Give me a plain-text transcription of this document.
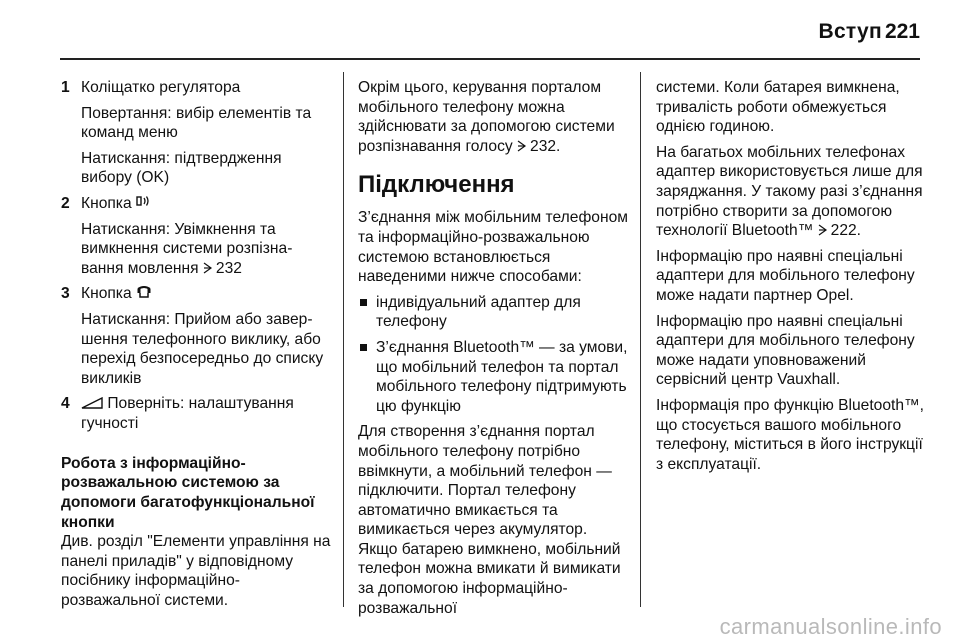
Вступ 221
1 Коліщатко регулятора

Повертання: вибір елементів та команд меню

Натискання: підтвердження вибору (OK)

2 Кнопка

Натискання: Увімкнення та вимкнення системи розпізна-вання мовлення 232

3 Кнопка

Натискання: Прийом або завер-шення телефонного виклику, або перехід безпосередньо до списку викликів

4	Поверніть: налаштування гучності

Робота з інформаційно-розважальною системою за допомоги багатофункціональної кнопки

Див. розділ "Елементи управління на панелі приладів" у відповідному посібнику інформаційно-розважальної системи.

Окрім цього, керування порталом мобільного телефону можна здійснювати за допомогою системи розпізнавання голосу 232.

Підключення

З’єднання між мобільним телефоном та інформаційно-розважальною системою встановлюється наведеними нижче способами:

індивідуальний адаптер для телефону
З’єднання Bluetooth™ — за умови, що мобільний телефон та портал мобільного телефону підтримують цю функцію

Для створення з’єднання портал мобільного телефону потрібно ввімкнути, а мобільний телефон — підключити. Портал телефону автоматично вмикається та вимикається через акумулятор. Якщо батарею вимкнено, мобільний телефон можна вмикати й вимикати за допомогою інформаційно-розважальної

системи. Коли батарея вимкнена, тривалість роботи обмежується однією годиною.

На багатьох мобільних телефонах адаптер використовується лише для заряджання. У такому разі з’єднання потрібно створити за допомогою технології Bluetooth™ 222.

Інформацію про наявні спеціальні адаптери для мобільного телефону може надати партнер Opel.

Інформацію про наявні спеціальні адаптери для мобільного телефону може надати уповноважений сервісний центр Vauxhall.

Інформація про функцію Bluetooth™, що стосується вашого мобільного телефону, міститься в його інструкції з експлуатації.

carmanualsonline.info
